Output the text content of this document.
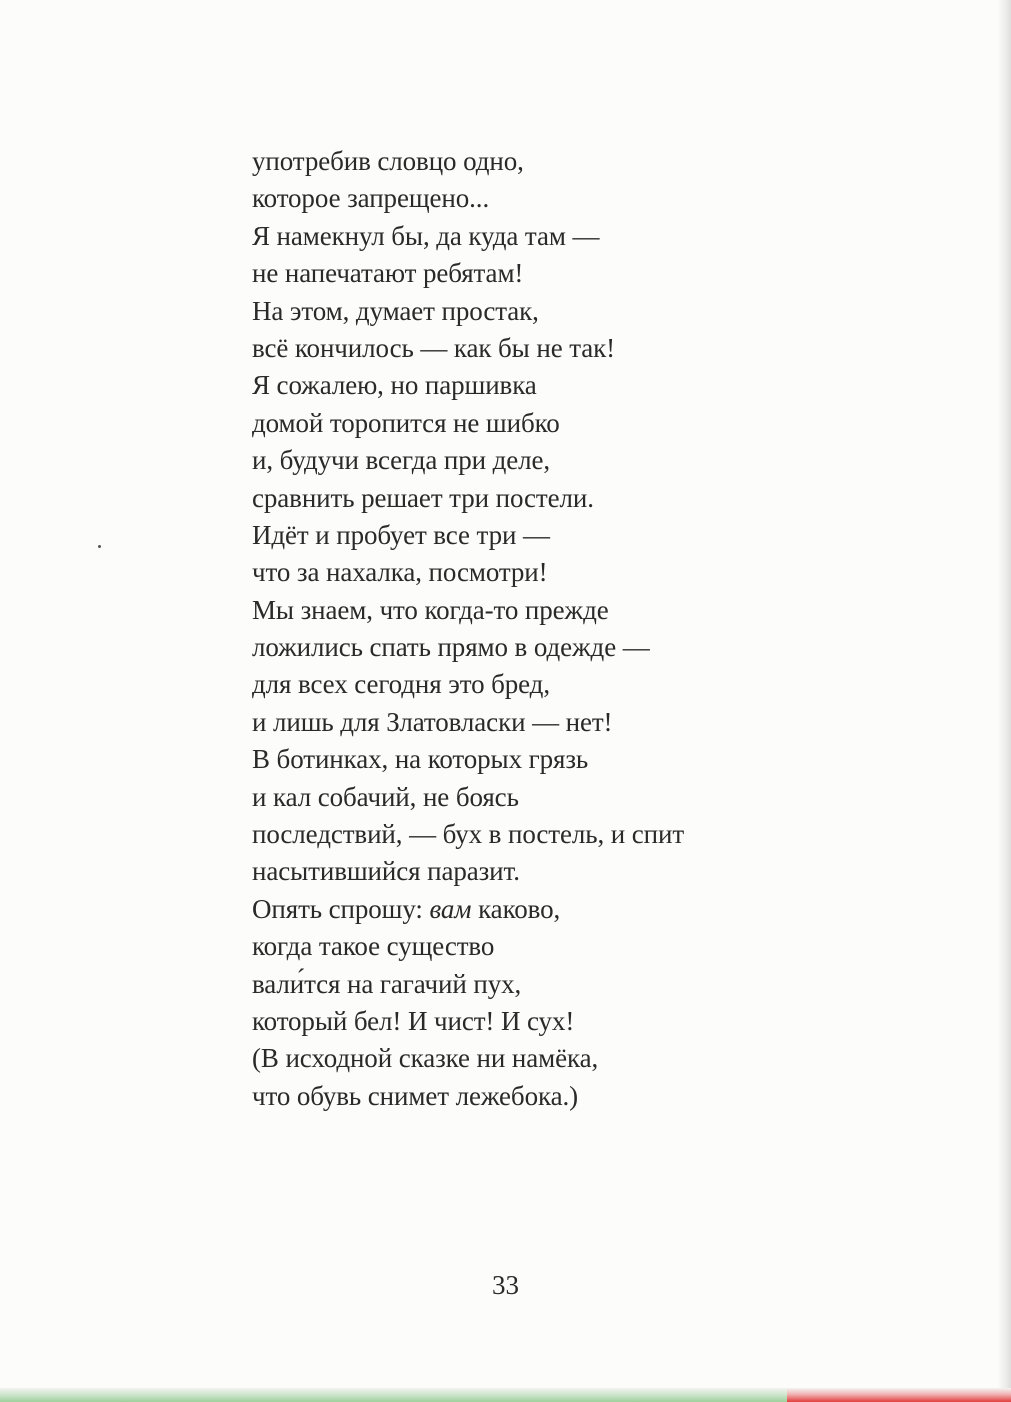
употребив словцо одно,
которое запрещено...
Я намекнул бы, да куда там —
не напечатают ребятам!
На этом, думает простак,
всё кончилось — как бы не так!
Я сожалею, но паршивка
домой торопится не шибко
и, будучи всегда при деле,
сравнить решает три постели.
Идёт и пробует все три —
что за нахалка, посмотри!
Мы знаем, что когда-то прежде
ложились спать прямо в одежде —
для всех сегодня это бред,
и лишь для Златовласки — нет!
В ботинках, на которых грязь
и кал собачий, не боясь
последствий, — бух в постель, и спит
насытившийся паразит.
Опять спрошу: вам каково,
когда такое существо
вали́тся на гагачий пух,
который бел! И чист! И сух!
(В исходной сказке ни намёка,
что обувь снимет лежебока.)
33
